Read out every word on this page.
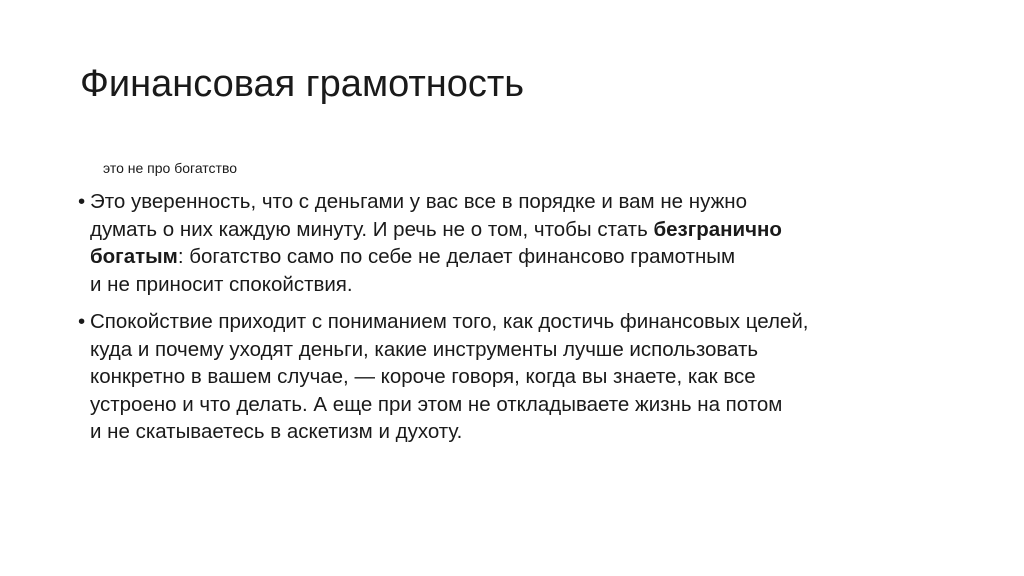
Финансовая грамотность
это не про богатство
• Это уверенность, что с деньгами у вас все в порядке и вам не нужно
думать о них каждую минуту. И речь не о том, чтобы стать безгранично
богатым: богатство само по себе не делает финансово грамотным
и не приносит спокойствия.
• Спокойствие приходит с пониманием того, как достичь финансовых целей,
куда и почему уходят деньги, какие инструменты лучше использовать
конкретно в вашем случае, — короче говоря, когда вы знаете, как все
устроено и что делать. А еще при этом не откладываете жизнь на потом
и не скатываетесь в аскетизм и духоту.
